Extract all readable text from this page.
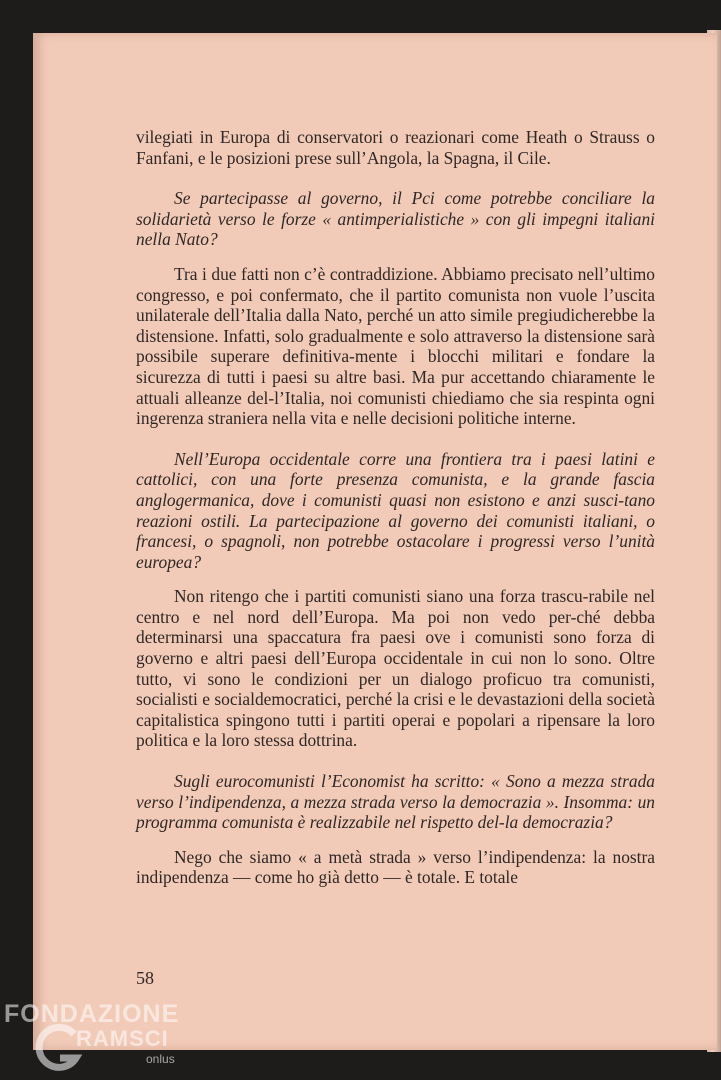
vilegiati in Europa di conservatori o reazionari come Heath o Strauss o Fanfani, e le posizioni prese sull’Angola, la Spagna, il Cile.

Se partecipasse al governo, il Pci come potrebbe conciliare la solidarietà verso le forze « antimperialistiche » con gli impegni italiani nella Nato?

Tra i due fatti non c’è contraddizione. Abbiamo precisato nell’ultimo congresso, e poi confermato, che il partito comunista non vuole l’uscita unilaterale dell’Italia dalla Nato, perché un atto simile pregiudicherebbe la distensione. Infatti, solo gradualmente e solo attraverso la distensione sarà possibile superare definitiva-mente i blocchi militari e fondare la sicurezza di tutti i paesi su altre basi. Ma pur accettando chiaramente le attuali alleanze del-l’Italia, noi comunisti chiediamo che sia respinta ogni ingerenza straniera nella vita e nelle decisioni politiche interne.

Nell’Europa occidentale corre una frontiera tra i paesi latini e cattolici, con una forte presenza comunista, e la grande fascia anglogermanica, dove i comunisti quasi non esistono e anzi susci-tano reazioni ostili. La partecipazione al governo dei comunisti italiani, o francesi, o spagnoli, non potrebbe ostacolare i progressi verso l’unità europea?

Non ritengo che i partiti comunisti siano una forza trascu-rabile nel centro e nel nord dell’Europa. Ma poi non vedo per-ché debba determinarsi una spaccatura fra paesi ove i comunisti sono forza di governo e altri paesi dell’Europa occidentale in cui non lo sono. Oltre tutto, vi sono le condizioni per un dialogo proficuo tra comunisti, socialisti e socialdemocratici, perché la crisi e le devastazioni della società capitalistica spingono tutti i partiti operai e popolari a ripensare la loro politica e la loro stessa dottrina.

Sugli eurocomunisti l’Economist ha scritto: « Sono a mezza strada verso l’indipendenza, a mezza strada verso la democrazia ». Insomma: un programma comunista è realizzabile nel rispetto del-la democrazia?

Nego che siamo « a metà strada » verso l’indipendenza: la nostra indipendenza — come ho già detto — è totale. E totale

58
FONDAZIONE
RAMSCI
onlus
